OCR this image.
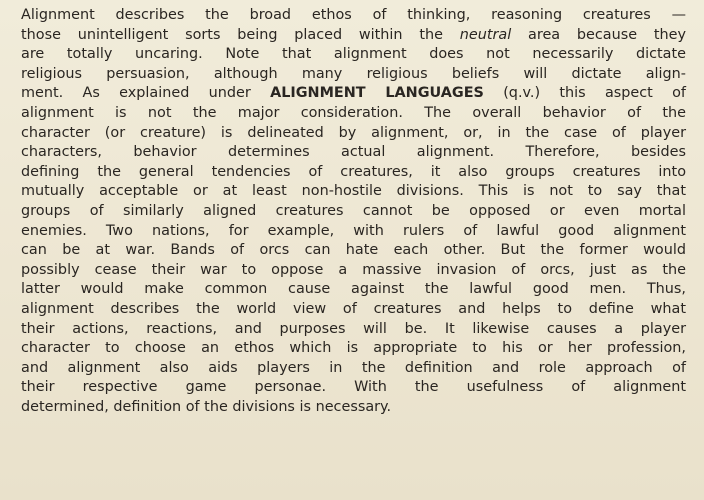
Alignment describes the broad ethos of thinking, reasoning creatures —
those unintelligent sorts being placed within the neutral area because they
are totally uncaring. Note that alignment does not necessarily dictate
religious persuasion, although many religious beliefs will dictate align-
ment. As explained under ALIGNMENT LANGUAGES (q.v.) this aspect of
alignment is not the major consideration. The overall behavior of the
character (or creature) is delineated by alignment, or, in the case of player
characters, behavior determines actual alignment. Therefore, besides
defining the general tendencies of creatures, it also groups creatures into
mutually acceptable or at least non-hostile divisions. This is not to say that
groups of similarly aligned creatures cannot be opposed or even mortal
enemies. Two nations, for example, with rulers of lawful good alignment
can be at war. Bands of orcs can hate each other. But the former would
possibly cease their war to oppose a massive invasion of orcs, just as the
latter would make common cause against the lawful good men. Thus,
alignment describes the world view of creatures and helps to define what
their actions, reactions, and purposes will be. It likewise causes a player
character to choose an ethos which is appropriate to his or her profession,
and alignment also aids players in the definition and role approach of
their respective game personae. With the usefulness of alignment
determined, definition of the divisions is necessary.
